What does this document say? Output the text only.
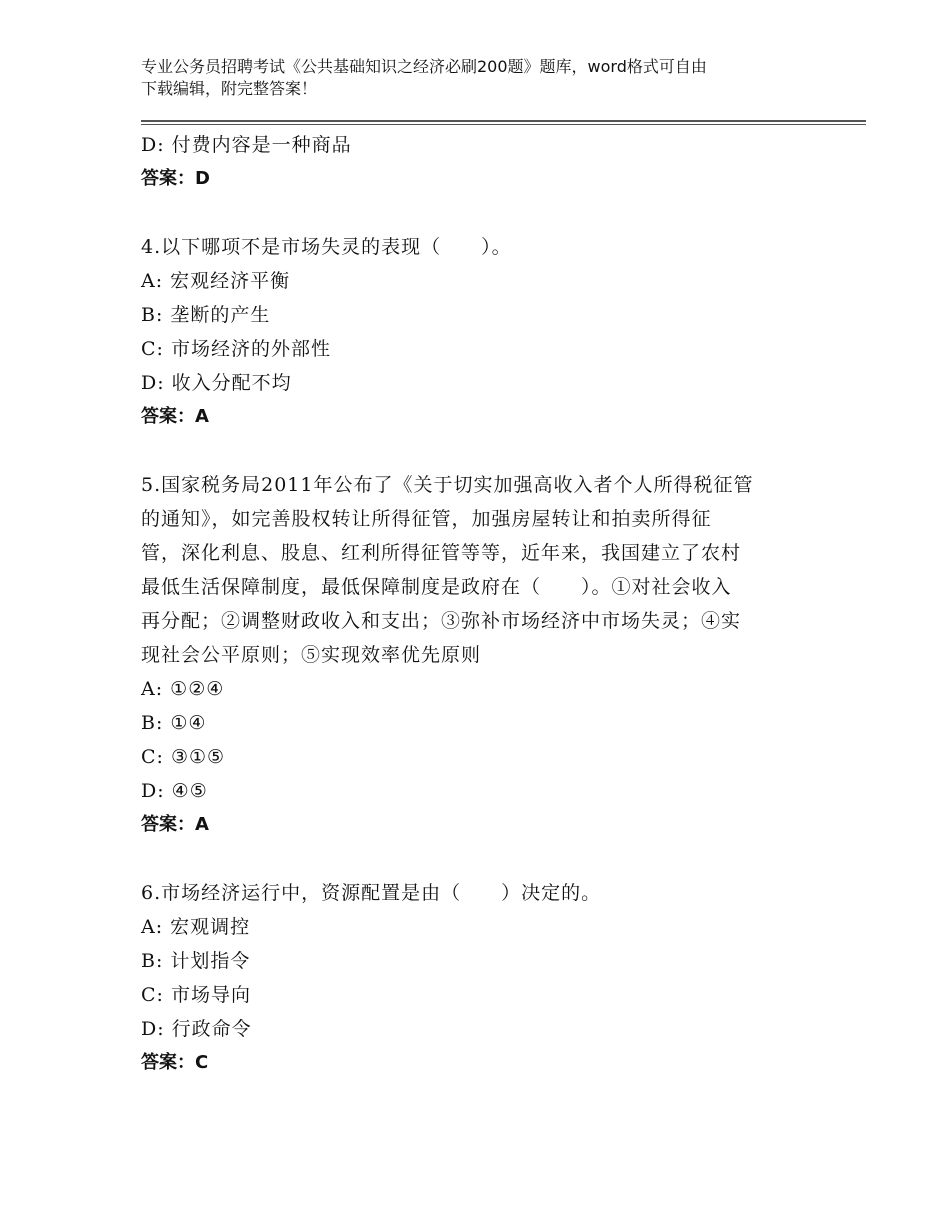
专业公务员招聘考试《公共基础知识之经济必刷200题》题库，word格式可自由
下载编辑，附完整答案！
D: 付费内容是一种商品
答案：D
4.以下哪项不是市场失灵的表现（　　）。
A: 宏观经济平衡
B: 垄断的产生
C: 市场经济的外部性
D: 收入分配不均
答案：A
5.国家税务局2011年公布了《关于切实加强高收入者个人所得税征管
的通知》，如完善股权转让所得征管，加强房屋转让和拍卖所得征
管，深化利息、股息、红利所得征管等等，近年来，我国建立了农村
最低生活保障制度，最低保障制度是政府在（　　）。①对社会收入
再分配；②调整财政收入和支出；③弥补市场经济中市场失灵；④实
现社会公平原则；⑤实现效率优先原则
A: ①②④
B: ①④
C: ③①⑤
D: ④⑤
答案：A
6.市场经济运行中，资源配置是由（　　）决定的。
A: 宏观调控
B: 计划指令
C: 市场导向
D: 行政命令
答案：C
